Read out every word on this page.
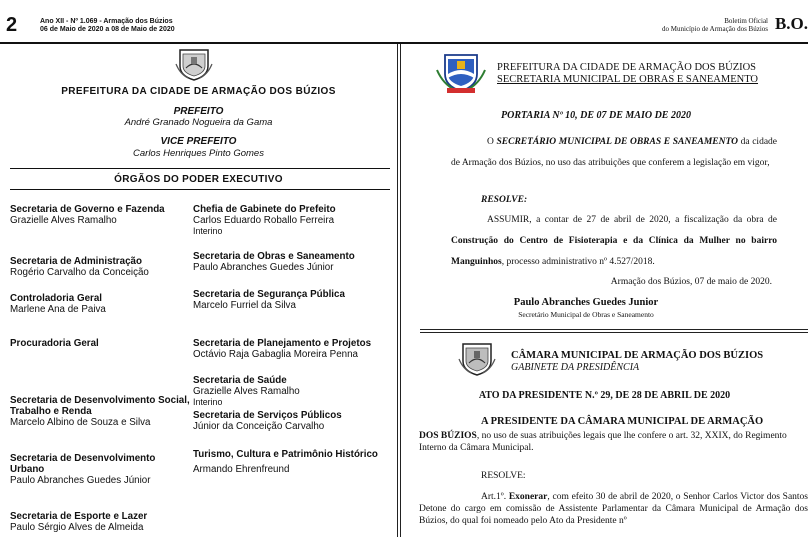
2	Ano XII - Nº 1.069 - Armação dos Búzios
06 de Maio de 2020 a 08 de Maio de 2020
Boletim Oficial
do Município de Armação dos Búzios B.O.
PREFEITURA DA CIDADE DE ARMAÇÃO DOS BÚZIOS
PREFEITO
André Granado Nogueira da Gama
VICE PREFEITO
Carlos Henriques Pinto Gomes
ÓRGÃOS DO PODER EXECUTIVO
Secretaria de Governo e Fazenda
Grazielle Alves Ramalho
Secretaria de Administração
Rogério Carvalho da Conceição
Controladoria Geral
Marlene Ana de Paiva
Procuradoria Geral
Secretaria de Desenvolvimento Social, Trabalho e Renda
Marcelo Albino de Souza e Silva
Secretaria de Desenvolvimento Urbano
Paulo Abranches Guedes Júnior
Secretaria de Esporte e Lazer
Paulo Sérgio Alves de Almeida
Chefia de Gabinete do Prefeito
Carlos Eduardo Roballo Ferreira
Interino
Secretaria de Obras e Saneamento
Paulo Abranches Guedes Júnior
Secretaria de Segurança Pública
Marcelo Furriel da Silva
Secretaria de Planejamento e Projetos
Octávio Raja Gabaglia Moreira Penna
Secretaria de Saúde
Grazielle Alves Ramalho
Interino
Secretaria de Serviços Públicos
Júnior da Conceição Carvalho
Turismo, Cultura e Patrimônio Histórico
Armando Ehrenfreund
PREFEITURA DA CIDADE DE ARMAÇÃO DOS BÚZIOS
SECRETARIA MUNICIPAL DE OBRAS E SANEAMENTO
PORTARIA Nº 10, DE 07 DE MAIO DE 2020
O SECRETÁRIO MUNICIPAL DE OBRAS E SANEAMENTO da cidade de Armação dos Búzios, no uso das atribuições que conferem a legislação em vigor,
RESOLVE:
ASSUMIR, a contar de 27 de abril de 2020, a fiscalização da obra de Construção do Centro de Fisioterapia e da Clínica da Mulher no bairro Manguinhos, processo administrativo nº 4.527/2018.
Armação dos Búzios, 07 de maio de 2020.
Paulo Abranches Guedes Junior
Secretário Municipal de Obras e Saneamento
CÂMARA MUNICIPAL DE ARMAÇÃO DOS BÚZIOS
GABINETE DA PRESIDÊNCIA
ATO DA PRESIDENTE N.º 29, DE 28 DE ABRIL DE 2020
A PRESIDENTE DA CÂMARA MUNICIPAL DE ARMAÇÃO
DOS BÚZIOS, no uso de suas atribuições legais que lhe confere o art. 32, XXIX, do Regimento Interno da Câmara Municipal.
RESOLVE:
Art.1º. Exonerar, com efeito 30 de abril de 2020, o Senhor Carlos Victor dos Santos Detone do cargo em comissão de Assistente Parlamentar da Câmara Municipal de Armação dos Búzios, do qual foi nomeado pelo Ato da Presidente nº
